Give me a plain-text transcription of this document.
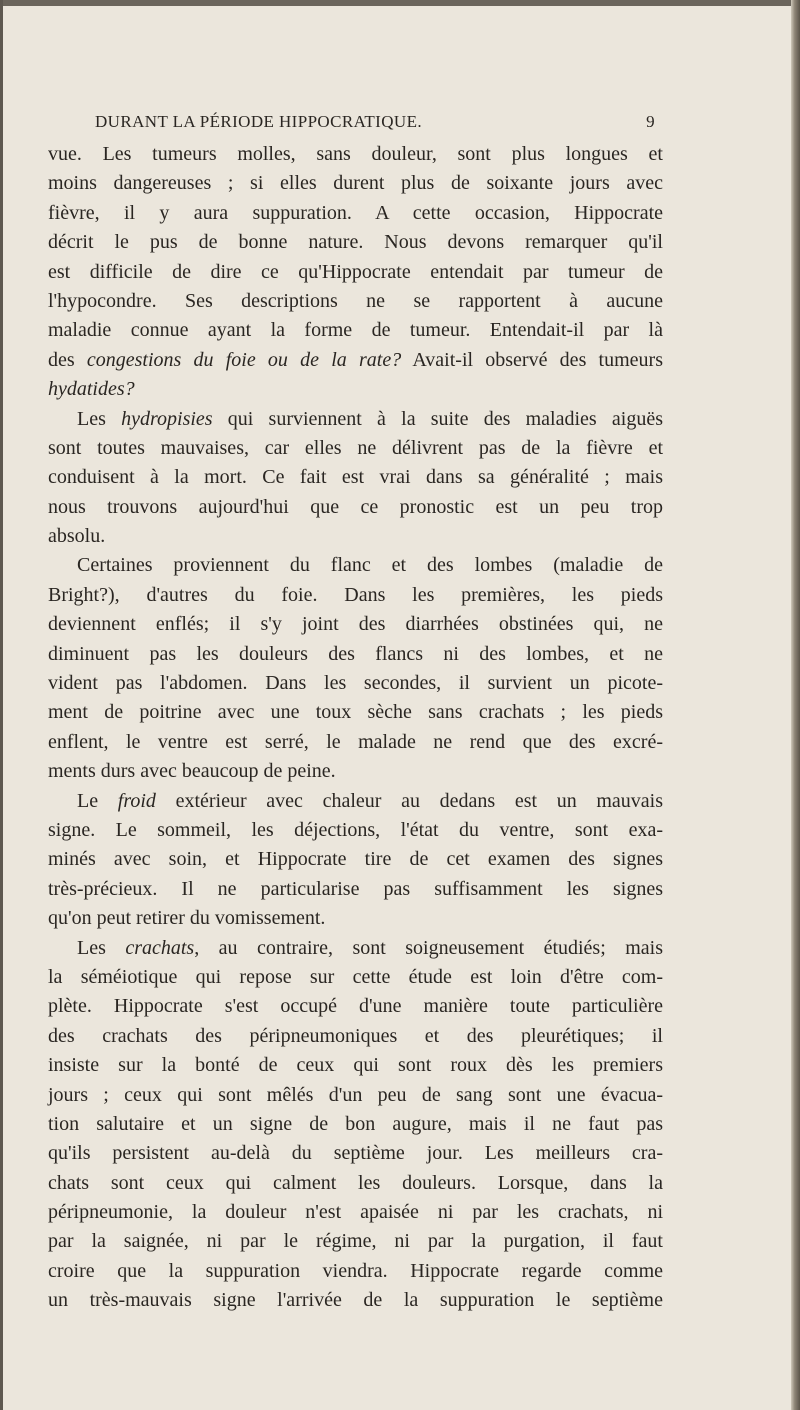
DURANT LA PÉRIODE HIPPOCRATIQUE.	9
vue. Les tumeurs molles, sans douleur, sont plus longues et
moins dangereuses ; si elles durent plus de soixante jours avec
fièvre, il y aura suppuration. A cette occasion, Hippocrate
décrit le pus de bonne nature. Nous devons remarquer qu'il
est difficile de dire ce qu'Hippocrate entendait par tumeur de
l'hypocondre. Ses descriptions ne se rapportent à aucune
maladie connue ayant la forme de tumeur. Entendait-il par là
des congestions du foie ou de la rate? Avait-il observé des tumeurs
hydatides?
Les hydropisies qui surviennent à la suite des maladies aiguës
sont toutes mauvaises, car elles ne délivrent pas de la fièvre et
conduisent à la mort. Ce fait est vrai dans sa généralité ; mais
nous trouvons aujourd'hui que ce pronostic est un peu trop
absolu.
Certaines proviennent du flanc et des lombes (maladie de
Bright?), d'autres du foie. Dans les premières, les pieds
deviennent enflés; il s'y joint des diarrhées obstinées qui, ne
diminuent pas les douleurs des flancs ni des lombes, et ne
vident pas l'abdomen. Dans les secondes, il survient un picote-
ment de poitrine avec une toux sèche sans crachats ; les pieds
enflent, le ventre est serré, le malade ne rend que des excré-
ments durs avec beaucoup de peine.
Le froid extérieur avec chaleur au dedans est un mauvais
signe. Le sommeil, les déjections, l'état du ventre, sont exa-
minés avec soin, et Hippocrate tire de cet examen des signes
très-précieux. Il ne particularise pas suffisamment les signes
qu'on peut retirer du vomissement.
Les crachats, au contraire, sont soigneusement étudiés; mais
la séméiotique qui repose sur cette étude est loin d'être com-
plète. Hippocrate s'est occupé d'une manière toute particulière
des crachats des péripneumoniques et des pleurétiques; il
insiste sur la bonté de ceux qui sont roux dès les premiers
jours ; ceux qui sont mêlés d'un peu de sang sont une évacua-
tion salutaire et un signe de bon augure, mais il ne faut pas
qu'ils persistent au-delà du septième jour. Les meilleurs cra-
chats sont ceux qui calment les douleurs. Lorsque, dans la
péripneumonie, la douleur n'est apaisée ni par les crachats, ni
par la saignée, ni par le régime, ni par la purgation, il faut
croire que la suppuration viendra. Hippocrate regarde comme
un très-mauvais signe l'arrivée de la suppuration le septième
